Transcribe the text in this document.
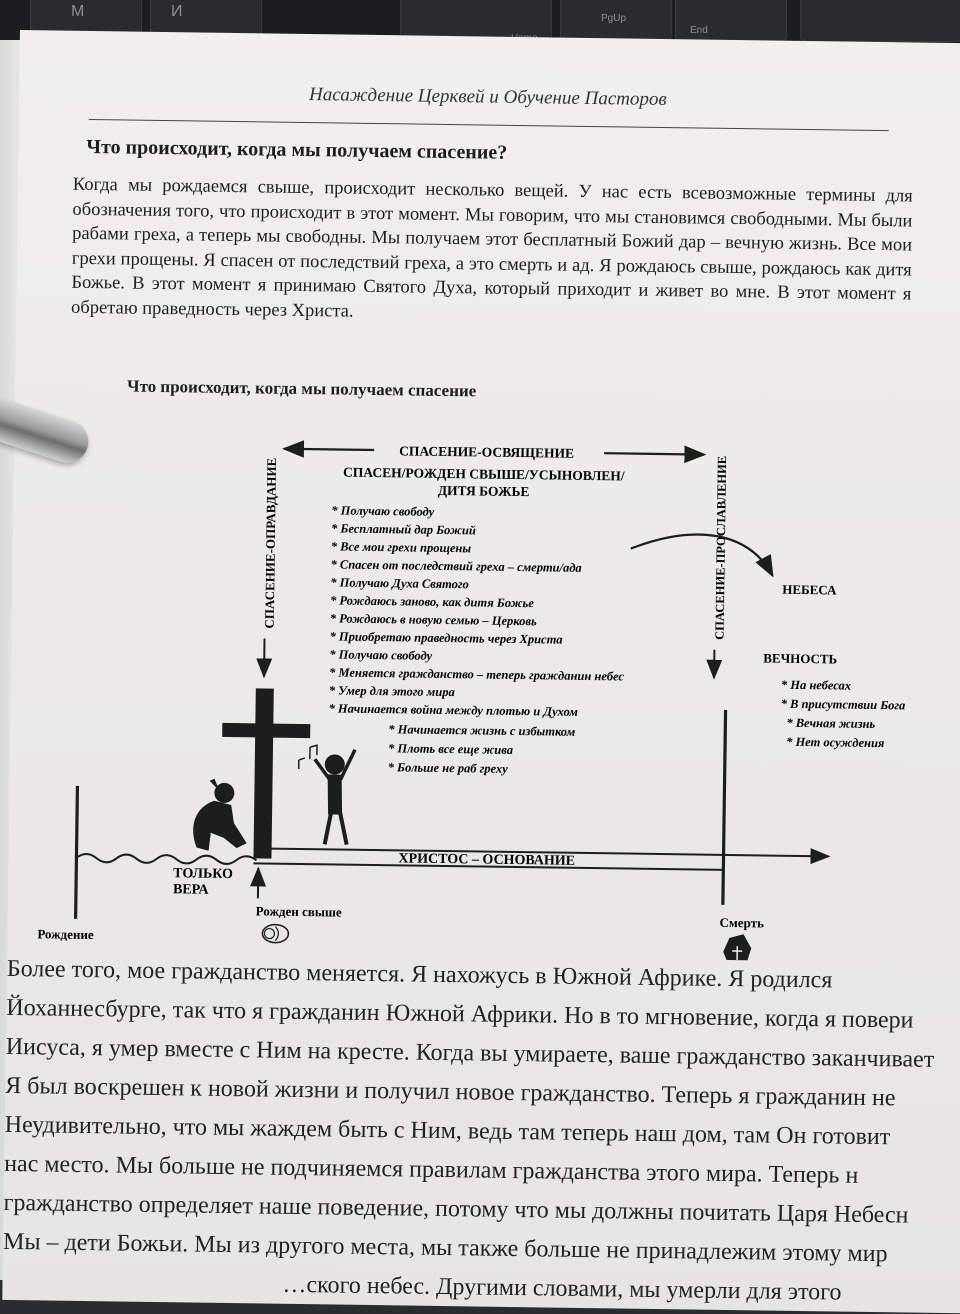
M	И	PgUp
End
Насаждение Церквей и Обучение Пасторов
Что происходит, когда мы получаем спасение?
Когда мы рождаемся свыше, происходит несколько вещей. У нас есть всевозможные термины для обозначения того, что происходит в этот момент. Мы говорим, что мы становимся свободными. Мы были рабами греха, а теперь мы свободны. Мы получаем этот бесплатный Божий дар – вечную жизнь. Все мои грехи прощены. Я спасен от последствий греха, а это смерть и ад. Я рождаюсь свыше, рождаюсь как дитя Божье. В этот момент я принимаю Святого Духа, который приходит и живет во мне. В этот момент я обретаю праведность через Христа.
Что происходит, когда мы получаем спасение
СПАСЕНИЕ-ОСВЯЩЕНИЕ
СПАСЕНИЕ-ОПРАВДАНИЕ	СПАСЕНИЕ-ПРОСЛАВЛЕНИЕ
СПАСЕН/РОЖДЕН СВЫШЕ/УСЫНОВЛЕН/
ДИТЯ БОЖЬЕ
* Получаю свободу
* Бесплатный дар Божий
* Все мои грехи прощены
* Спасен от последствий греха – смерти/ада
* Получаю Духа Святого
* Рождаюсь заново, как дитя Божье
* Рождаюсь в новую семью – Церковь
* Приобретаю праведность через Христа
* Получаю свободу
* Меняется гражданство – теперь гражданин небес
* Умер для этого мира
* Начинается война между плотью и Духом
* Начинается жизнь с избытком
* Плоть все еще жива
* Больше не раб греху
НЕБЕСА
ВЕЧНОСТЬ
* На небесах
* В присутствии Бога
* Вечная жизнь
* Нет осуждения
ХРИСТОС – ОСНОВАНИЕ
ТОЛЬКО
ВЕРА
Рожден свыше
Рождение
Смерть
Более того, мое гражданство меняется. Я нахожусь в Южной Африке. Я родился
Йоханнесбурге, так что я гражданин Южной Африки. Но в то мгновение, когда я повери
Иисуса, я умер вместе с Ним на кресте. Когда вы умираете, ваше гражданство заканчивает
Я был воскрешен к новой жизни и получил новое гражданство. Теперь я гражданин не
Неудивительно, что мы жаждем быть с Ним, ведь там теперь наш дом, там Он готовит
нас место. Мы больше не подчиняемся правилам гражданства этого мира. Теперь н
гражданство определяет наше поведение, потому что мы должны почитать Царя Небесн
Мы – дети Божьи. Мы из другого места, мы также больше не принадлежим этому мир
…ского небес. Другими словами, мы умерли для этого
